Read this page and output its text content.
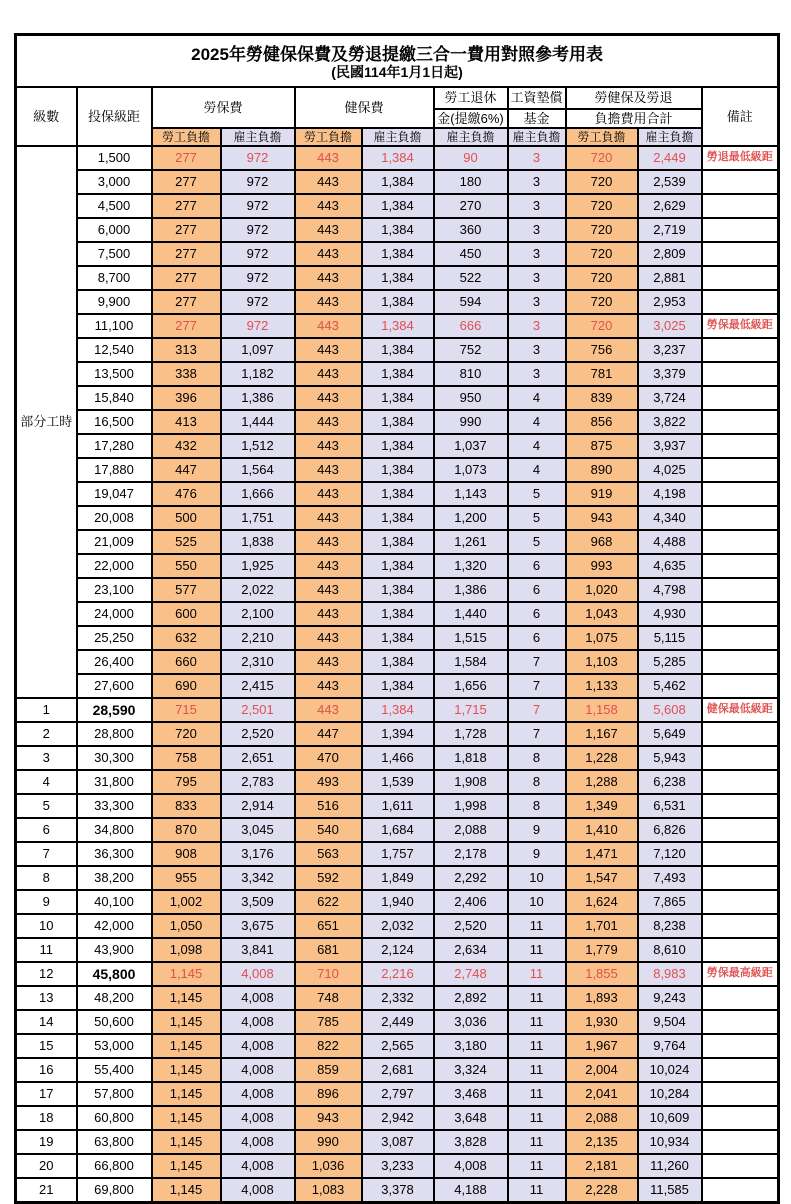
2025年勞健保保費及勞退提繳三合一費用對照參考用表
(民國114年1月1日起)										

級數	投保級距	勞保費		健保費		勞工退休	工資墊償	勞健保及勞退		備註
						金(提繳6%)	基金	負擔費用合計		
		勞工負擔	雇主負擔	勞工負擔	雇主負擔	雇主負擔	雇主負擔	勞工負擔	雇主負擔	
部分工時	1,500	277	972	443	1,384	90	3	720	2,449	勞退最低級距
	3,000	277	972	443	1,384	180	3	720	2,539	
	4,500	277	972	443	1,384	270	3	720	2,629	
	6,000	277	972	443	1,384	360	3	720	2,719	
	7,500	277	972	443	1,384	450	3	720	2,809	
	8,700	277	972	443	1,384	522	3	720	2,881	
	9,900	277	972	443	1,384	594	3	720	2,953	
	11,100	277	972	443	1,384	666	3	720	3,025	勞保最低級距
	12,540	313	1,097	443	1,384	752	3	756	3,237	
	13,500	338	1,182	443	1,384	810	3	781	3,379	
	15,840	396	1,386	443	1,384	950	4	839	3,724	
	16,500	413	1,444	443	1,384	990	4	856	3,822	
	17,280	432	1,512	443	1,384	1,037	4	875	3,937	
	17,880	447	1,564	443	1,384	1,073	4	890	4,025	
	19,047	476	1,666	443	1,384	1,143	5	919	4,198	
	20,008	500	1,751	443	1,384	1,200	5	943	4,340	
	21,009	525	1,838	443	1,384	1,261	5	968	4,488	
	22,000	550	1,925	443	1,384	1,320	6	993	4,635	
	23,100	577	2,022	443	1,384	1,386	6	1,020	4,798	
	24,000	600	2,100	443	1,384	1,440	6	1,043	4,930	
	25,250	632	2,210	443	1,384	1,515	6	1,075	5,115	
	26,400	660	2,310	443	1,384	1,584	7	1,103	5,285	
	27,600	690	2,415	443	1,384	1,656	7	1,133	5,462	
1	28,590	715	2,501	443	1,384	1,715	7	1,158	5,608	健保最低級距
2	28,800	720	2,520	447	1,394	1,728	7	1,167	5,649	
3	30,300	758	2,651	470	1,466	1,818	8	1,228	5,943	
4	31,800	795	2,783	493	1,539	1,908	8	1,288	6,238	
5	33,300	833	2,914	516	1,611	1,998	8	1,349	6,531	
6	34,800	870	3,045	540	1,684	2,088	9	1,410	6,826	
7	36,300	908	3,176	563	1,757	2,178	9	1,471	7,120	
8	38,200	955	3,342	592	1,849	2,292	10	1,547	7,493	
9	40,100	1,002	3,509	622	1,940	2,406	10	1,624	7,865	
10	42,000	1,050	3,675	651	2,032	2,520	11	1,701	8,238	
11	43,900	1,098	3,841	681	2,124	2,634	11	1,779	8,610	
12	45,800	1,145	4,008	710	2,216	2,748	11	1,855	8,983	勞保最高級距
13	48,200	1,145	4,008	748	2,332	2,892	11	1,893	9,243	
14	50,600	1,145	4,008	785	2,449	3,036	11	1,930	9,504	
15	53,000	1,145	4,008	822	2,565	3,180	11	1,967	9,764	
16	55,400	1,145	4,008	859	2,681	3,324	11	2,004	10,024	
17	57,800	1,145	4,008	896	2,797	3,468	11	2,041	10,284	
18	60,800	1,145	4,008	943	2,942	3,648	11	2,088	10,609	
19	63,800	1,145	4,008	990	3,087	3,828	11	2,135	10,934	
20	66,800	1,145	4,008	1,036	3,233	4,008	11	2,181	11,260	
21	69,800	1,145	4,008	1,083	3,378	4,188	11	2,228	11,585	
